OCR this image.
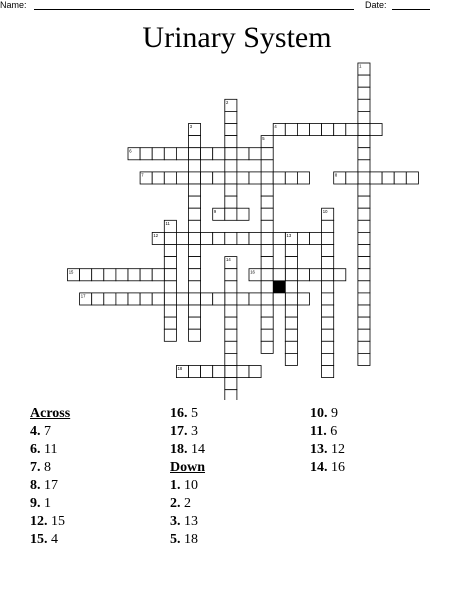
Name:	Date:
Urinary System
1
2
3	4
5
6
7	8
9	10
11
12	13
14
15	16
17
18
Across
4. 7
6. 11
7. 8
8. 17
9. 1
12. 15
15. 4
16. 5
17. 3
18. 14
Down
1. 10
2. 2
3. 13
5. 18
10. 9
11. 6
13. 12
14. 16
